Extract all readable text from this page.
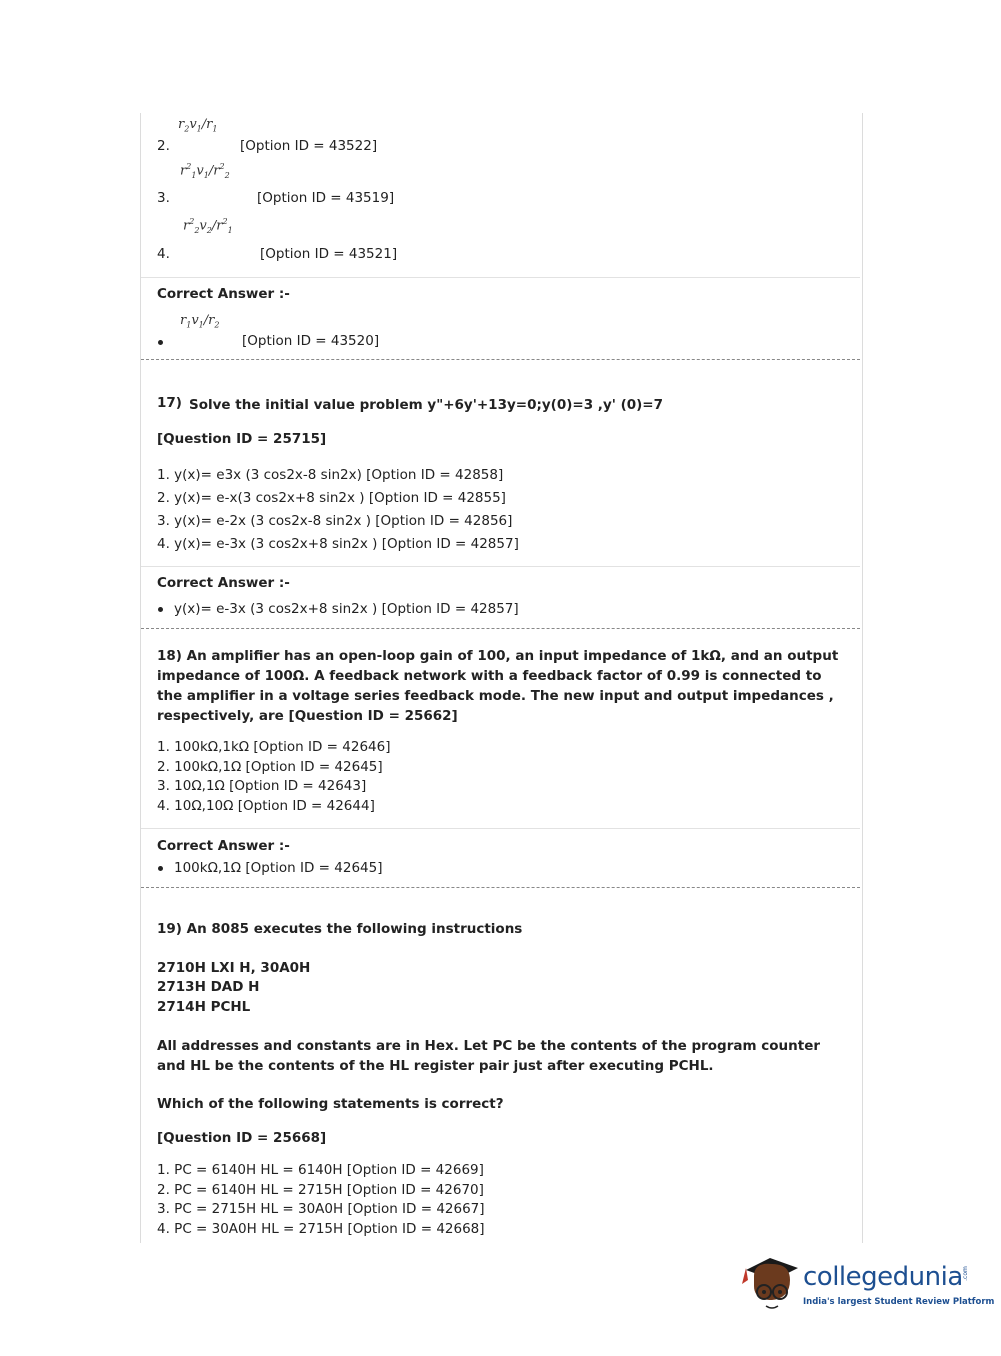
$r_2v_1/r_1$
2.	[Option ID = 43522]
$r^2_1v_1/r^2_2$
3.	[Option ID = 43519]
$r^2_2v_2/r^2_1$
4.	[Option ID = 43521]
Correct Answer :-
$r_1v_1/r_2$
[Option ID = 43520]
17) Solve the initial value problem y"+6y'+13y=0;y(0)=3 ,y' (0)=7
[Question ID = 25715]
1. y(x)= e3x (3 cos2x-8 sin2x) [Option ID = 42858]
2. y(x)= e-x(3 cos2x+8 sin2x ) [Option ID = 42855]
3. y(x)= e-2x (3 cos2x-8 sin2x ) [Option ID = 42856]
4. y(x)= e-3x (3 cos2x+8 sin2x ) [Option ID = 42857]
Correct Answer :-
y(x)= e-3x (3 cos2x+8 sin2x ) [Option ID = 42857]
18) An amplifier has an open-loop gain of 100, an input impedance of 1kΩ, and an output impedance of 100Ω. A feedback network with a feedback factor of 0.99 is connected to the amplifier in a voltage series feedback mode. The new input and output impedances , respectively, are [Question ID = 25662]
1. 100kΩ,1kΩ [Option ID = 42646]
2. 100kΩ,1Ω [Option ID = 42645]
3. 10Ω,1Ω [Option ID = 42643]
4. 10Ω,10Ω [Option ID = 42644]
Correct Answer :-
100kΩ,1Ω [Option ID = 42645]
19) An 8085 executes the following instructions
2710H LXI H, 30A0H
2713H DAD H
2714H PCHL
All addresses and constants are in Hex. Let PC be the contents of the program counter and HL be the contents of the HL register pair just after executing PCHL.
Which of the following statements is correct?
[Question ID = 25668]
1. PC = 6140H HL = 6140H [Option ID = 42669]
2. PC = 6140H HL = 2715H [Option ID = 42670]
3. PC = 2715H HL = 30A0H [Option ID = 42667]
4. PC = 30A0H HL = 2715H [Option ID = 42668]
collegedunia .com
India's largest Student Review Platform
